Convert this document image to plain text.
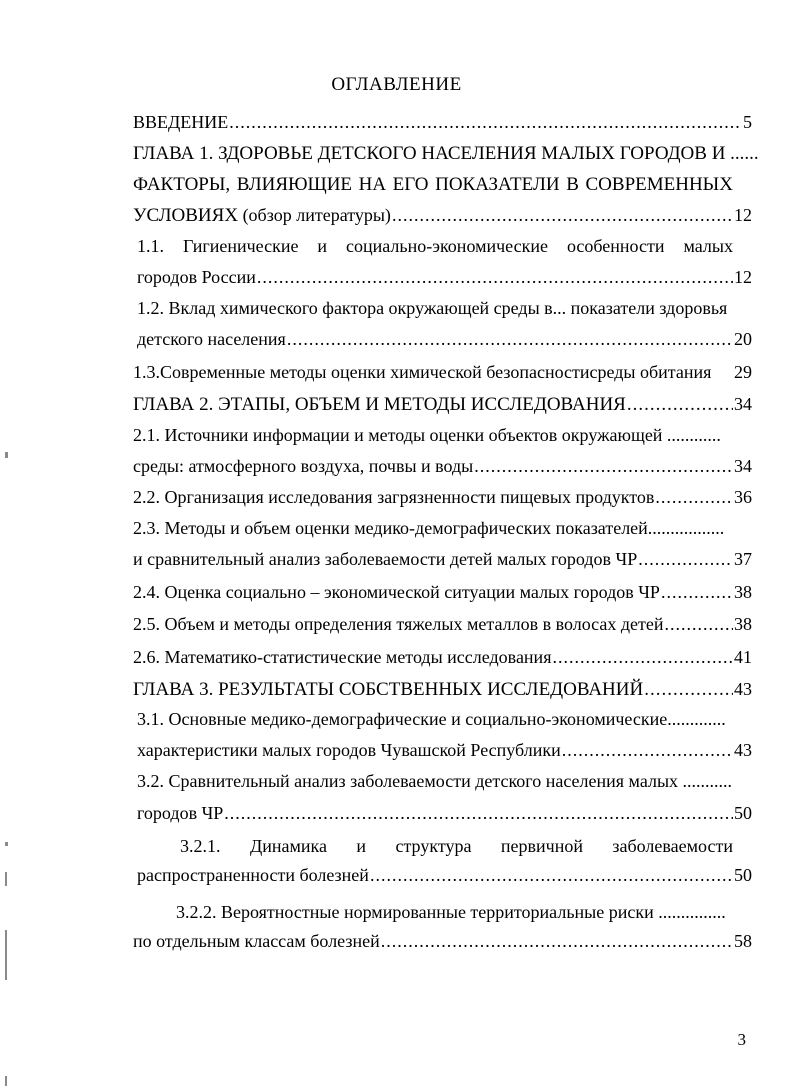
ОГЛАВЛЕНИЕ
ВВЕДЕНИЕ .....	5
ГЛАВА 1. ЗДОРОВЬЕ ДЕТСКОГО НАСЕЛЕНИЯ МАЛЫХ ГОРОДОВ И ......
ФАКТОРЫ, ВЛИЯЮЩИЕ НА ЕГО ПОКАЗАТЕЛИ В СОВРЕМЕННЫХ
УСЛОВИЯХ (обзор литературы) .....	12
1.1. Гигиенические и социально-экономические особенности малых
городов России .....	12
1.2. Вклад химического фактора окружающей среды в... показатели здоровья
детского населения .....	20
1.3.Современные методы оценки химической безопасностисреды обитания 29
ГЛАВА 2. ЭТАПЫ, ОБЪЕМ И МЕТОДЫ ИССЛЕДОВАНИЯ .....	34
2.1. Источники информации и методы оценки объектов окружающей ............
среды: атмосферного воздуха, почвы и воды .....	34
2.2. Организация исследования загрязненности пищевых продуктов .....	36
2.3. Методы и объем оценки медико-демографических показателей.................
и сравнительный анализ заболеваемости детей малых городов ЧР .....	37
2.4. Оценка социально – экономической ситуации малых городов ЧР .....	38
2.5. Объем и методы определения тяжелых металлов в волосах детей .....	38
2.6. Математико-статистические методы исследования .....	41
ГЛАВА 3. РЕЗУЛЬТАТЫ СОБСТВЕННЫХ ИССЛЕДОВАНИЙ .....	43
3.1. Основные медико-демографические и социально-экономические.............
характеристики малых городов Чувашской Республики .....	43
3.2. Сравнительный анализ заболеваемости детского населения малых ...........
городов ЧР .....	50
3.2.1. Динамика и структура первичной заболеваемости
распространенности болезней .....	50
3.2.2. Вероятностные нормированные территориальные риски ...............
по отдельным классам болезней .....	58
3
